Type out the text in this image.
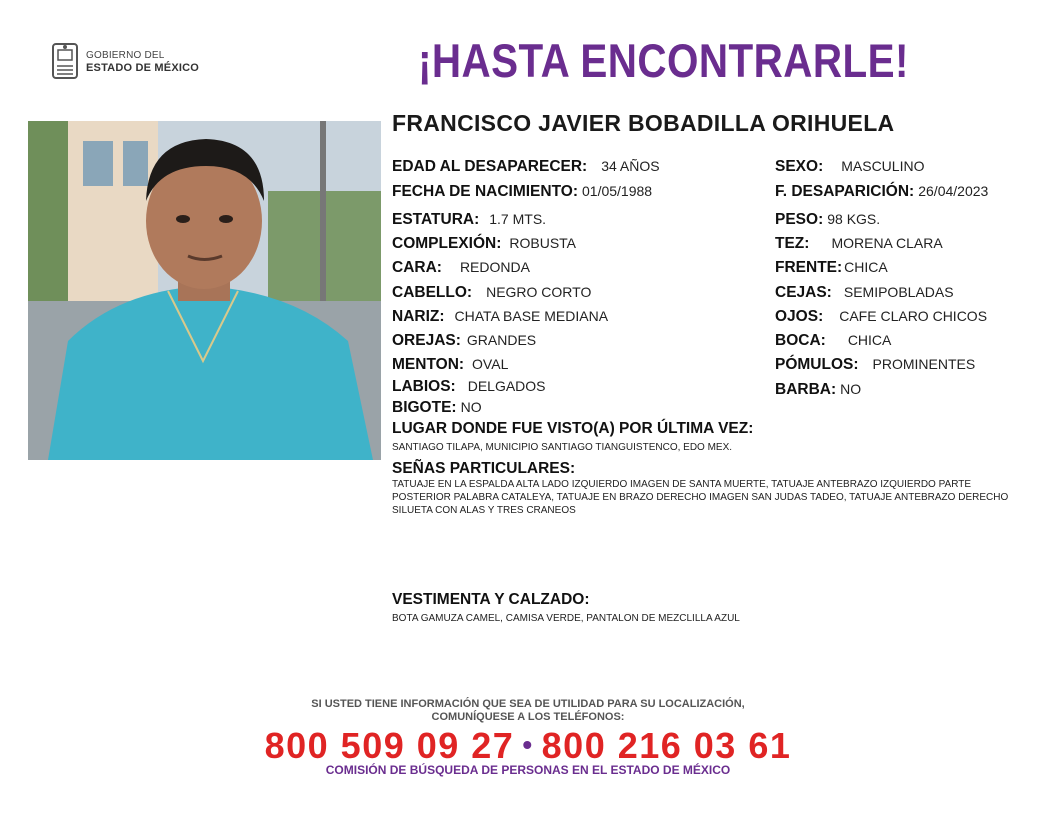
GOBIERNO DEL
ESTADO DE MÉXICO	¡HASTA ENCONTRARLE!
FRANCISCO JAVIER BOBADILLA ORIHUELA
EDAD AL DESAPARECER: 34 AÑOS
FECHA DE NACIMIENTO: 01/05/1988
ESTATURA: 1.7 MTS.
COMPLEXIÓN: ROBUSTA
CARA: REDONDA
CABELLO: NEGRO CORTO
NARIZ: CHATA BASE MEDIANA
OREJAS: GRANDES
MENTON: OVAL
LABIOS: DELGADOS
BIGOTE: NO
SEXO: MASCULINO
F. DESAPARICIÓN: 26/04/2023
PESO: 98 KGS.
TEZ: MORENA CLARA
FRENTE: CHICA
CEJAS: SEMIPOBLADAS
OJOS: CAFE CLARO CHICOS
BOCA: CHICA
PÓMULOS: PROMINENTES
BARBA: NO
LUGAR DONDE FUE VISTO(A) POR ÚLTIMA VEZ:
SANTIAGO TILAPA, MUNICIPIO SANTIAGO TIANGUISTENCO, EDO MEX.
SEÑAS PARTICULARES:
TATUAJE EN LA ESPALDA ALTA LADO IZQUIERDO IMAGEN DE SANTA MUERTE, TATUAJE ANTEBRAZO IZQUIERDO PARTE POSTERIOR PALABRA CATALEYA, TATUAJE EN BRAZO DERECHO IMAGEN SAN JUDAS TADEO, TATUAJE ANTEBRAZO DERECHO SILUETA CON ALAS Y TRES CRANEOS
VESTIMENTA Y CALZADO:
BOTA GAMUZA CAMEL, CAMISA VERDE, PANTALON DE MEZCLILLA AZUL
SI USTED TIENE INFORMACIÓN QUE SEA DE UTILIDAD PARA SU LOCALIZACIÓN,
COMUNÍQUESE A LOS TELÉFONOS:
800 509 09 27 • 800 216 03 61
COMISIÓN DE BÚSQUEDA DE PERSONAS EN EL ESTADO DE MÉXICO
